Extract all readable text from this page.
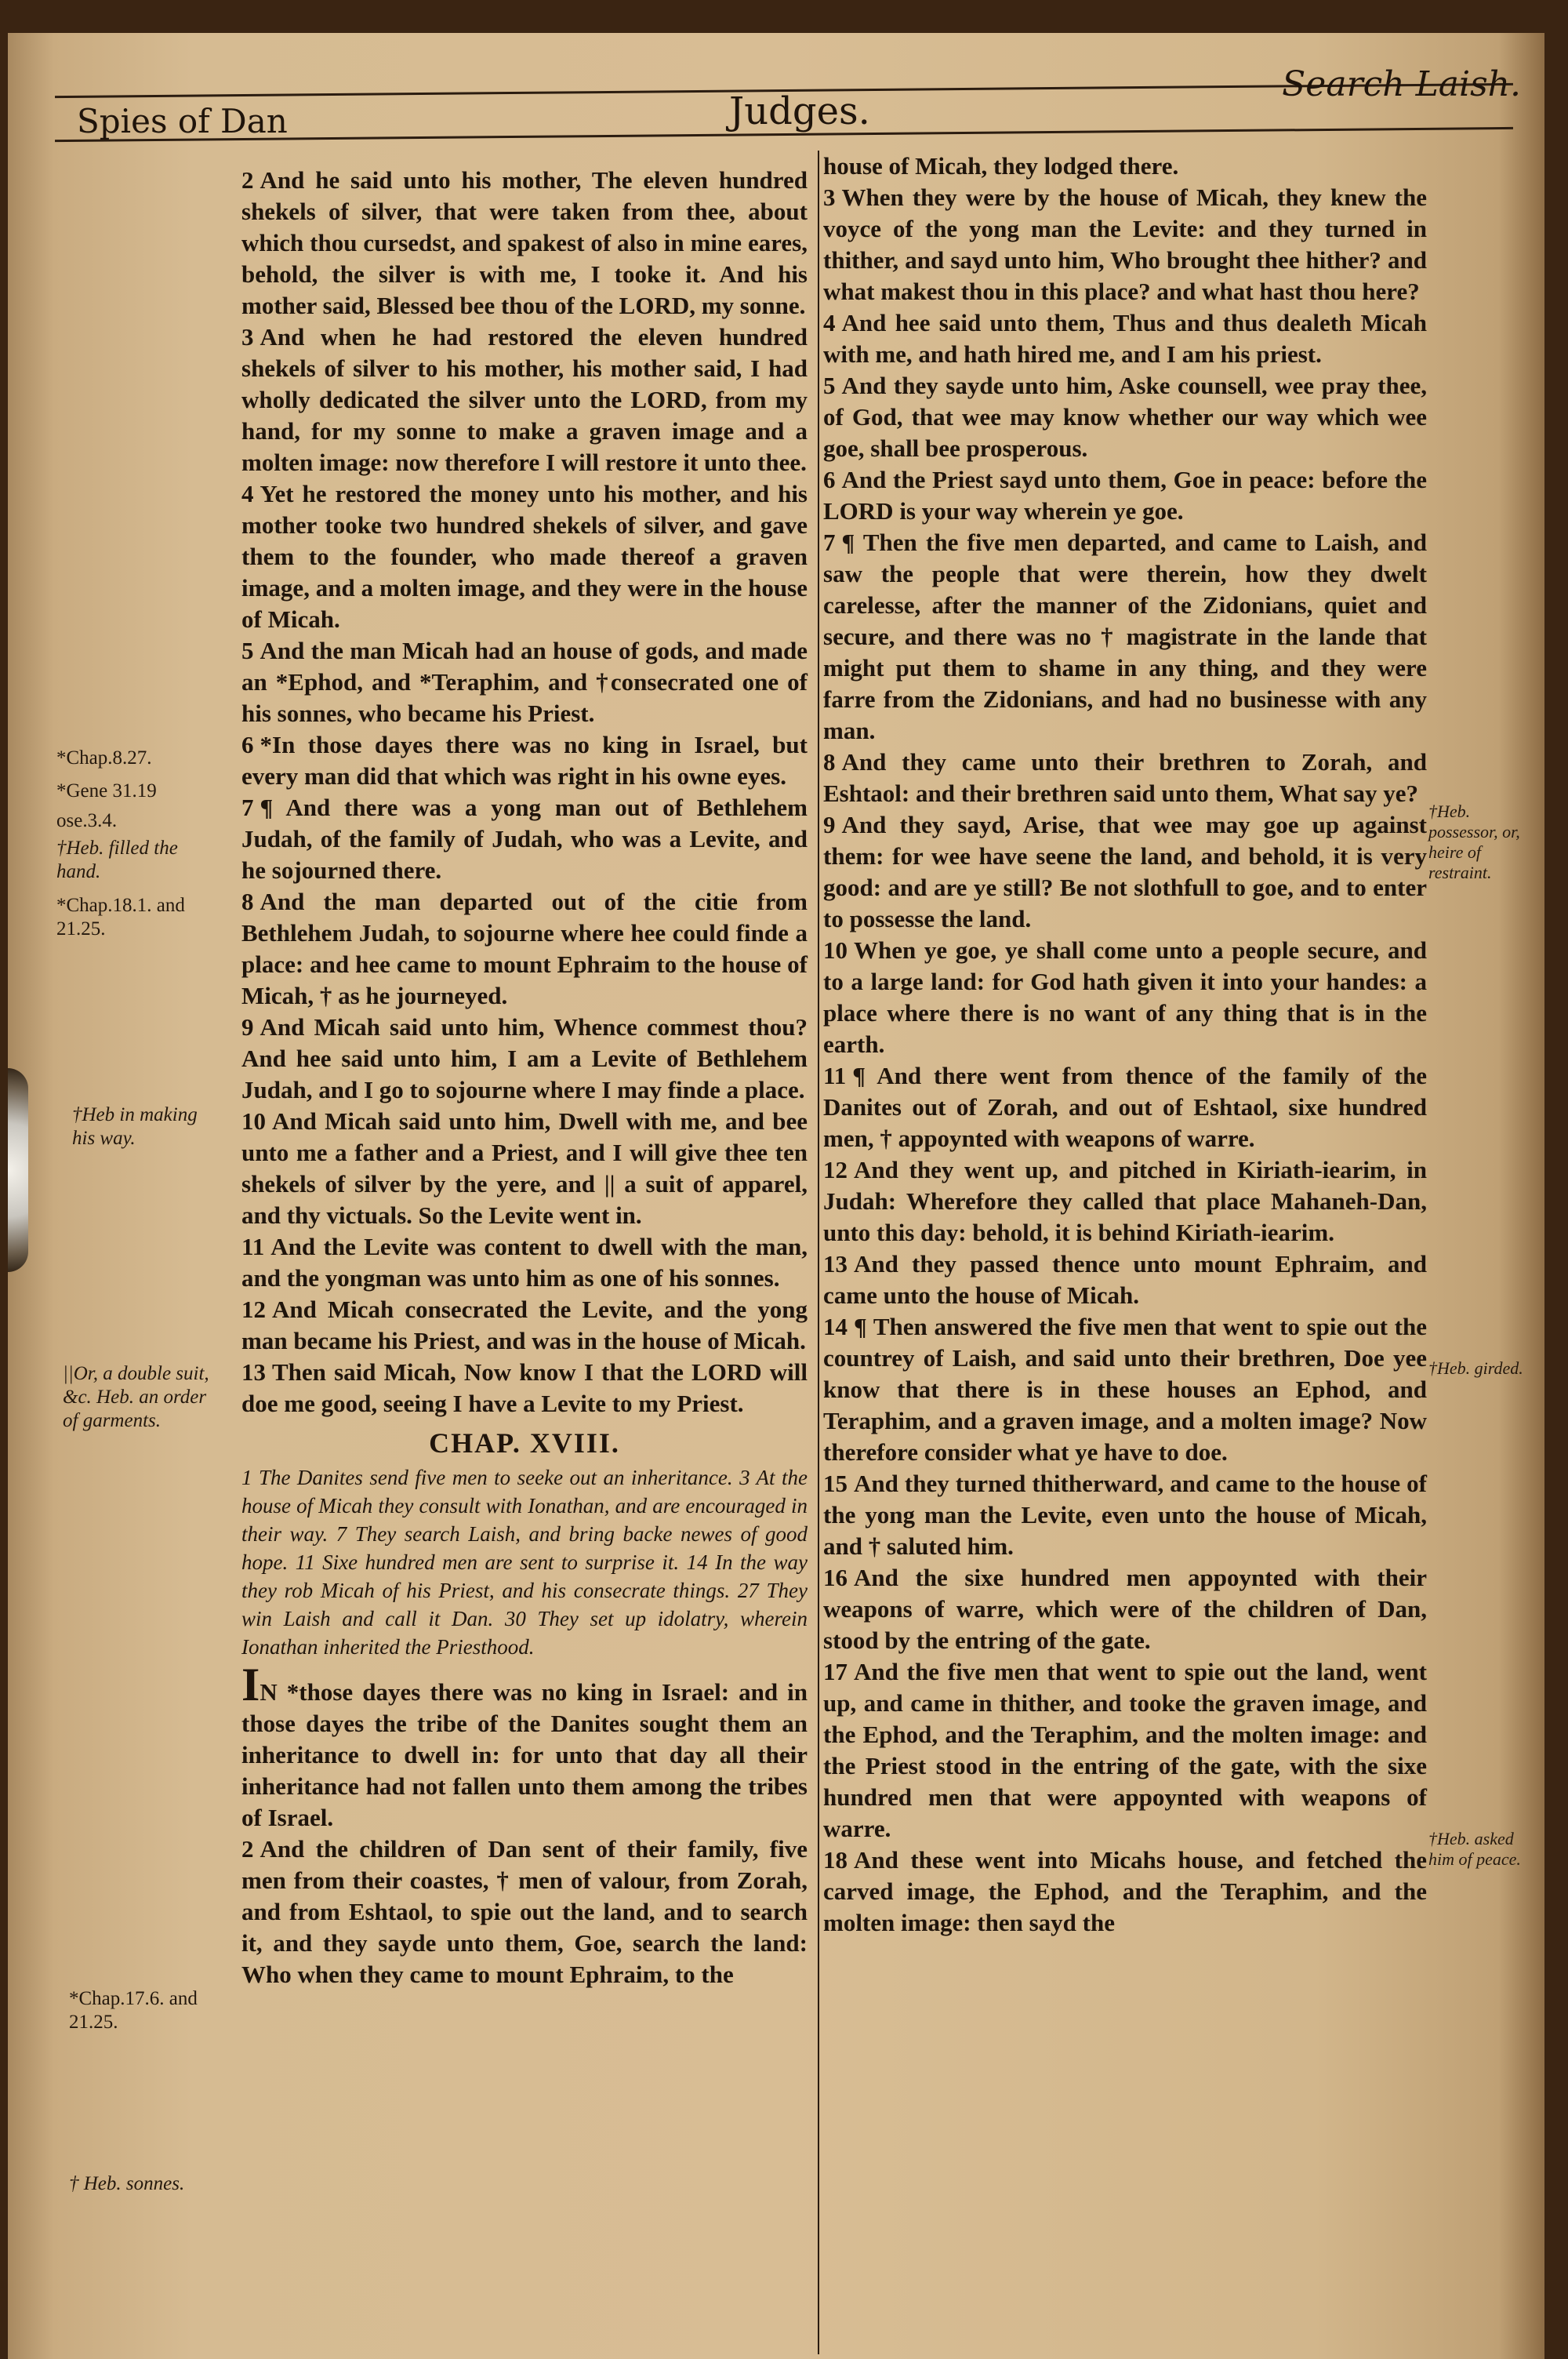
Spies of Dan	Judges.
Search Laish.
*Chap.8.27.
*Gene 31.19
ose.3.4.
†Heb. filled the hand.
*Chap.18.1. and 21.25.
†Heb in making his way.
||Or, a double suit, &c. Heb. an order of garments.
*Chap.17.6. and 21.25.
† Heb. sonnes.
†Heb. possessor, or, heire of restraint.
†Heb. girded.
†Heb. asked him of peace.

2 And he said unto his mother, The eleven hundred shekels of silver, that were taken from thee, about which thou cursedst, and spakest of also in mine eares, behold, the silver is with me, I tooke it. And his mother said, Blessed bee thou of the LORD, my sonne.

3 And when he had restored the eleven hundred shekels of silver to his mother, his mother said, I had wholly dedicated the silver unto the LORD, from my hand, for my sonne to make a graven image and a molten image: now therefore I will restore it unto thee.

4 Yet he restored the money unto his mother, and his mother tooke two hundred shekels of silver, and gave them to the founder, who made thereof a graven image, and a molten image, and they were in the house of Micah.

5 And the man Micah had an house of gods, and made an *Ephod, and *Teraphim, and †consecrated one of his sonnes, who became his Priest.

6 *In those dayes there was no king in Israel, but every man did that which was right in his owne eyes.

7 ¶ And there was a yong man out of Bethlehem Judah, of the family of Judah, who was a Levite, and he sojourned there.

8 And the man departed out of the citie from Bethlehem Judah, to sojourne where hee could finde a place: and hee came to mount Ephraim to the house of Micah, † as he journeyed.

9 And Micah said unto him, Whence commest thou? And hee said unto him, I am a Levite of Bethlehem Judah, and I go to sojourne where I may finde a place.

10 And Micah said unto him, Dwell with me, and bee unto me a father and a Priest, and I will give thee ten shekels of silver by the yere, and || a suit of apparel, and thy victuals. So the Levite went in.

11 And the Levite was content to dwell with the man, and the yongman was unto him as one of his sonnes.

12 And Micah consecrated the Levite, and the yong man became his Priest, and was in the house of Micah.

13 Then said Micah, Now know I that the LORD will doe me good, seeing I have a Levite to my Priest.

CHAP. XVIII.

1 The Danites send five men to seeke out an inheritance. 3 At the house of Micah they consult with Ionathan, and are encouraged in their way. 7 They search Laish, and bring backe newes of good hope. 11 Sixe hundred men are sent to surprise it. 14 In the way they rob Micah of his Priest, and his consecrate things. 27 They win Laish and call it Dan. 30 They set up idolatry, wherein Ionathan inherited the Priesthood.

IN *those dayes there was no king in Israel: and in those dayes the tribe of the Danites sought them an inheritance to dwell in: for unto that day all their inheritance had not fallen unto them among the tribes of Israel.

2 And the children of Dan sent of their family, five men from their coastes, † men of valour, from Zorah, and from Eshtaol, to spie out the land, and to search it, and they sayde unto them, Goe, search the land: Who when they came to mount Ephraim, to the

house of Micah, they lodged there.

3 When they were by the house of Micah, they knew the voyce of the yong man the Levite: and they turned in thither, and sayd unto him, Who brought thee hither? and what makest thou in this place? and what hast thou here?

4 And hee said unto them, Thus and thus dealeth Micah with me, and hath hired me, and I am his priest.

5 And they sayde unto him, Aske counsell, wee pray thee, of God, that wee may know whether our way which wee goe, shall bee prosperous.

6 And the Priest sayd unto them, Goe in peace: before the LORD is your way wherein ye goe.

7 ¶ Then the five men departed, and came to Laish, and saw the people that were therein, how they dwelt carelesse, after the manner of the Zidonians, quiet and secure, and there was no † magistrate in the lande that might put them to shame in any thing, and they were farre from the Zidonians, and had no businesse with any man.

8 And they came unto their brethren to Zorah, and Eshtaol: and their brethren said unto them, What say ye?

9 And they sayd, Arise, that wee may goe up against them: for wee have seene the land, and behold, it is very good: and are ye still? Be not slothfull to goe, and to enter to possesse the land.

10 When ye goe, ye shall come unto a people secure, and to a large land: for God hath given it into your handes: a place where there is no want of any thing that is in the earth.

11 ¶ And there went from thence of the family of the Danites out of Zorah, and out of Eshtaol, sixe hundred men, † appoynted with weapons of warre.

12 And they went up, and pitched in Kiriath-iearim, in Judah: Wherefore they called that place Mahaneh-Dan, unto this day: behold, it is behind Kiriath-iearim.

13 And they passed thence unto mount Ephraim, and came unto the house of Micah.

14 ¶ Then answered the five men that went to spie out the countrey of Laish, and said unto their brethren, Doe yee know that there is in these houses an Ephod, and Teraphim, and a graven image, and a molten image? Now therefore consider what ye have to doe.

15 And they turned thitherward, and came to the house of the yong man the Levite, even unto the house of Micah, and † saluted him.

16 And the sixe hundred men appoynted with their weapons of warre, which were of the children of Dan, stood by the entring of the gate.

17 And the five men that went to spie out the land, went up, and came in thither, and tooke the graven image, and the Ephod, and the Teraphim, and the molten image: and the Priest stood in the entring of the gate, with the sixe hundred men that were appoynted with weapons of warre.

18 And these went into Micahs house, and fetched the carved image, the Ephod, and the Teraphim, and the molten image: then sayd the
